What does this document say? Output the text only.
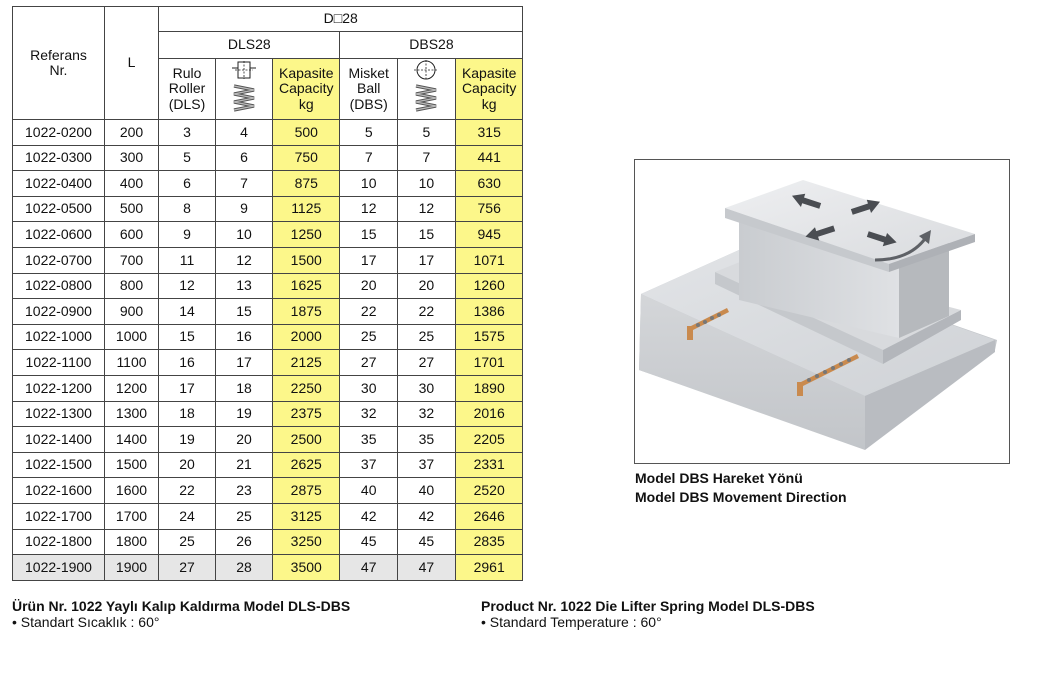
Referans Nr.	L	D□28					
		DLS28			DBS28		
		Rulo Roller (DLS)		Kapasite Capacity kg	Misket Ball (DBS)		Kapasite Capacity kg
1022-0200	200	3	4	500	5	5	315
1022-0300	300	5	6	750	7	7	441
1022-0400	400	6	7	875	10	10	630
1022-0500	500	8	9	1125	12	12	756
1022-0600	600	9	10	1250	15	15	945
1022-0700	700	11	12	1500	17	17	1071
1022-0800	800	12	13	1625	20	20	1260
1022-0900	900	14	15	1875	22	22	1386
1022-1000	1000	15	16	2000	25	25	1575
1022-1100	1100	16	17	2125	27	27	1701
1022-1200	1200	17	18	2250	30	30	1890
1022-1300	1300	18	19	2375	32	32	2016
1022-1400	1400	19	20	2500	35	35	2205
1022-1500	1500	20	21	2625	37	37	2331
1022-1600	1600	22	23	2875	40	40	2520
1022-1700	1700	24	25	3125	42	42	2646
1022-1800	1800	25	26	3250	45	45	2835
1022-1900	1900	27	28	3500	47	47	2961
Model DBS Hareket Yönü
Model DBS Movement Direction
Ürün Nr. 1022 Yaylı Kalıp Kaldırma Model DLS-DBS
• Standart Sıcaklık : 60°
Product Nr. 1022 Die Lifter Spring Model DLS-DBS
• Standard Temperature : 60°
